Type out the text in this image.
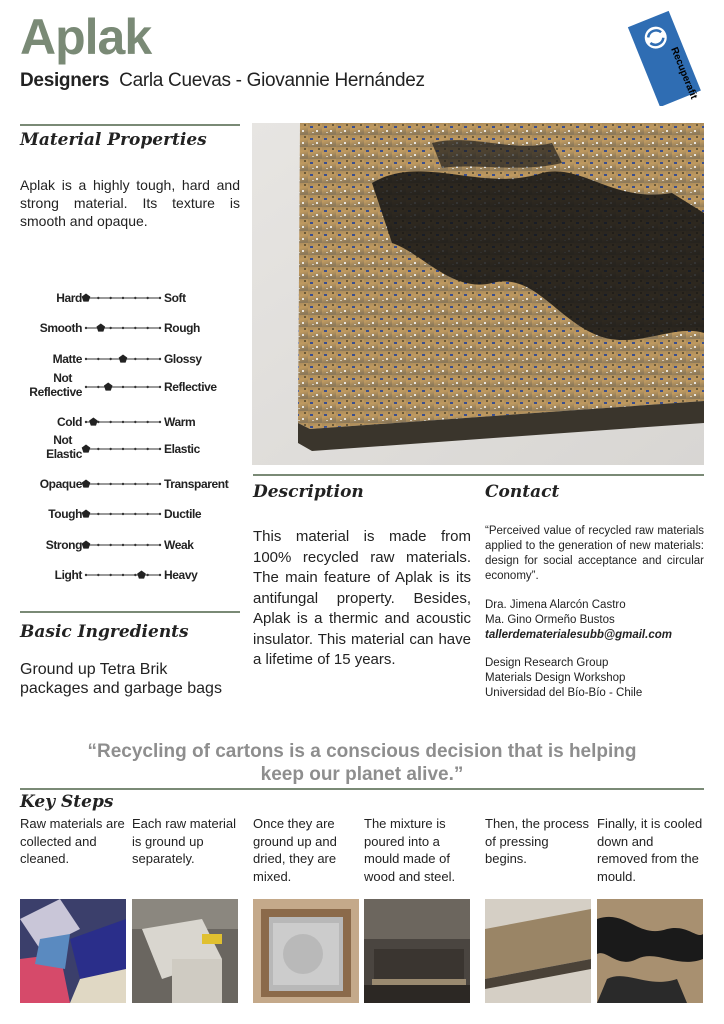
Aplak
Designers Carla Cuevas - Giovannie Hernández	Recuperafit
Material Properties
Aplak is a highly tough, hard and strong material. Its texture is smooth and opaque.
Hard	Soft
Smooth	Rough
Matte	Glossy
Not
Reflective	Reflective
Cold	Warm
Not
Elastic	Elastic
Opaque	Transparent
Tough	Ductile
Strong	Weak
Light	Heavy
Basic Ingredients
Ground up Tetra Brik packages and garbage bags
Description
This material is made from 100% recycled raw materials. The main feature of Aplak is its antifungal property. Besides, Aplak is a thermic and acoustic insulator. This material can have a lifetime of 15 years.
Contact
“Perceived value of recycled raw materials applied to the generation of new materials: design for social acceptance and circular economy”.
Dra. Jimena Alarcón Castro
Ma. Gino Ormeño Bustos
tallerdematerialesubb@gmail.com
Design Research Group
Materials Design Workshop
Universidad del Bío-Bío - Chile
“Recycling of cartons is a conscious decision that is helping
keep our planet alive.”
Key Steps
Raw materials are collected and cleaned.
Each raw material is ground up separately.
Once they are ground up and dried, they are mixed.
The mixture is poured into a mould made of wood and steel.
Then, the process of pressing begins.
Finally, it is cooled down and removed from the mould.
